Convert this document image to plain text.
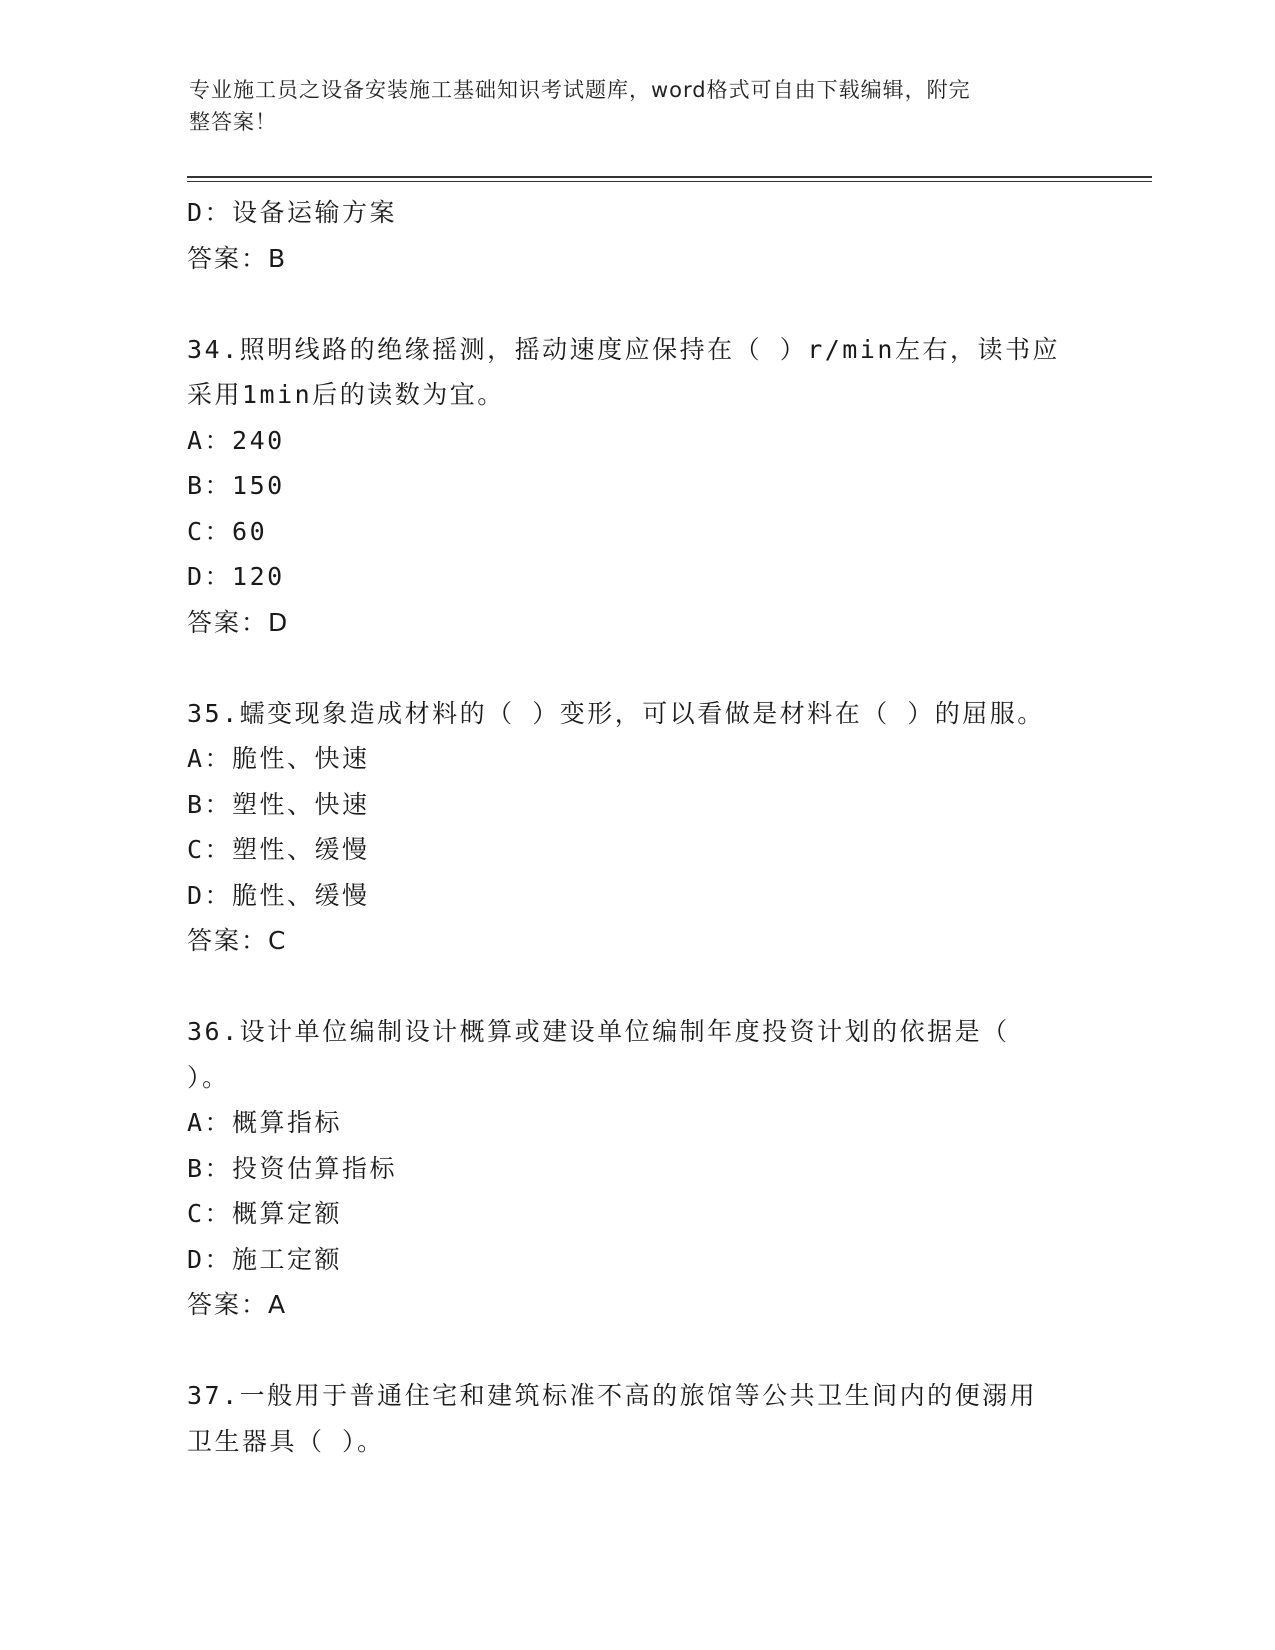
专业施工员之设备安装施工基础知识考试题库，word格式可自由下载编辑，附完
整答案！
D：设备运输方案
答案：B
34.照明线路的绝缘摇测，摇动速度应保持在（ ）r/min左右，读书应
采用1min后的读数为宜。
A：240
B：150
C：60
D：120
答案：D
35.蠕变现象造成材料的（ ）变形，可以看做是材料在（ ）的屈服。
A：脆性、快速
B：塑性、快速
C：塑性、缓慢
D：脆性、缓慢
答案：C
36.设计单位编制设计概算或建设单位编制年度投资计划的依据是（
）。
A：概算指标
B：投资估算指标
C：概算定额
D：施工定额
答案：A
37.一般用于普通住宅和建筑标准不高的旅馆等公共卫生间内的便溺用
卫生器具（ ）。
